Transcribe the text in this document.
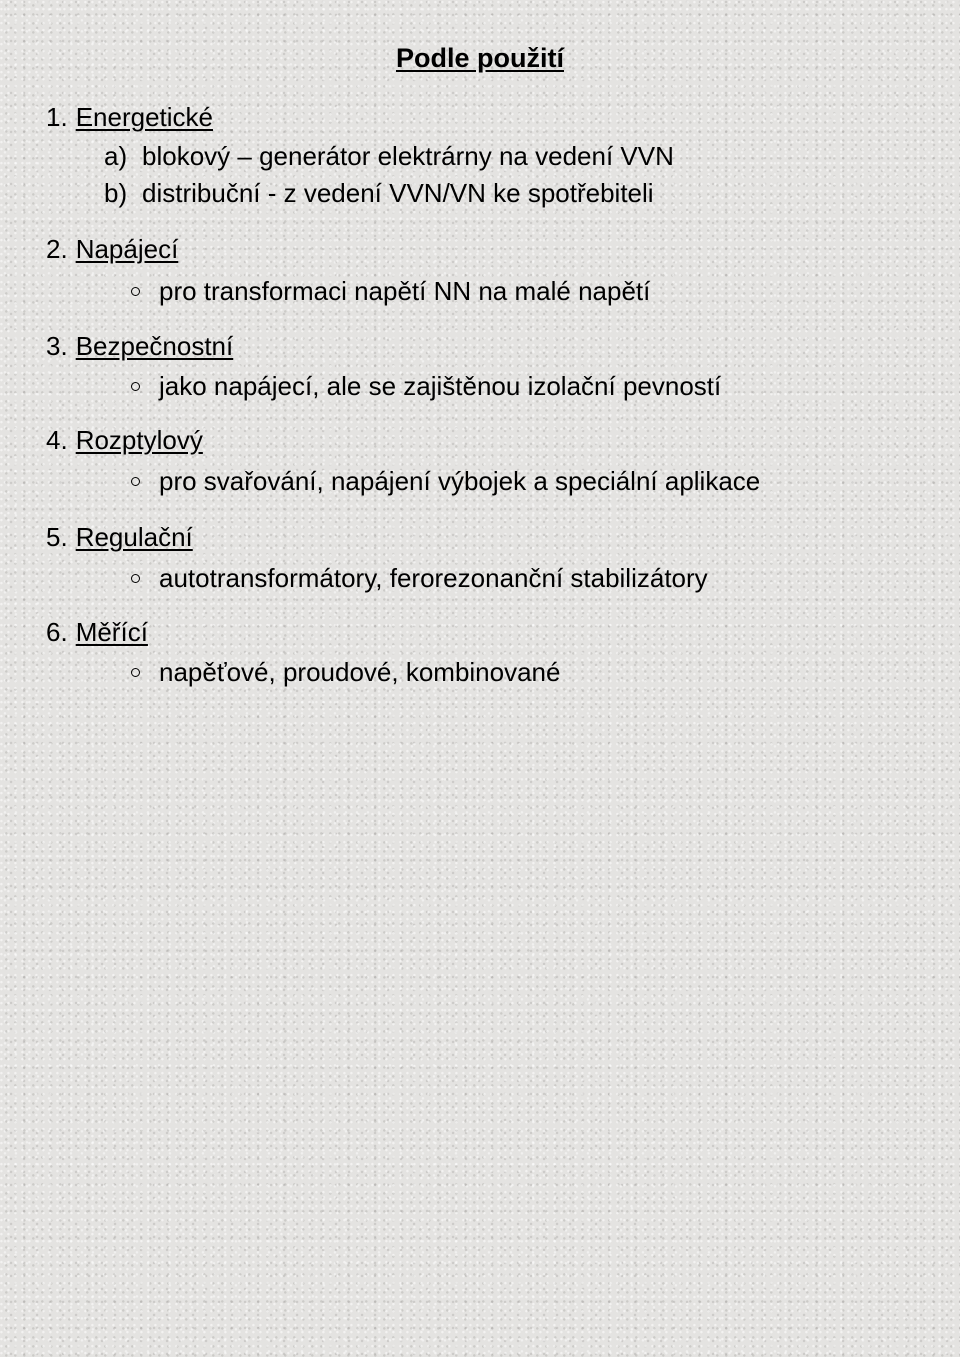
Podle použití
1. Energetické
a) blokový – generátor elektrárny na vedení VVN
b) distribuční - z vedení VVN/VN ke spotřebiteli
2. Napájecí
pro transformaci napětí NN na malé napětí
3. Bezpečnostní
jako napájecí, ale se zajištěnou izolační pevností
4. Rozptylový
pro svařování, napájení výbojek a speciální aplikace
5. Regulační
autotransformátory, ferorezonanční stabilizátory
6. Měřící
napěťové, proudové, kombinované
